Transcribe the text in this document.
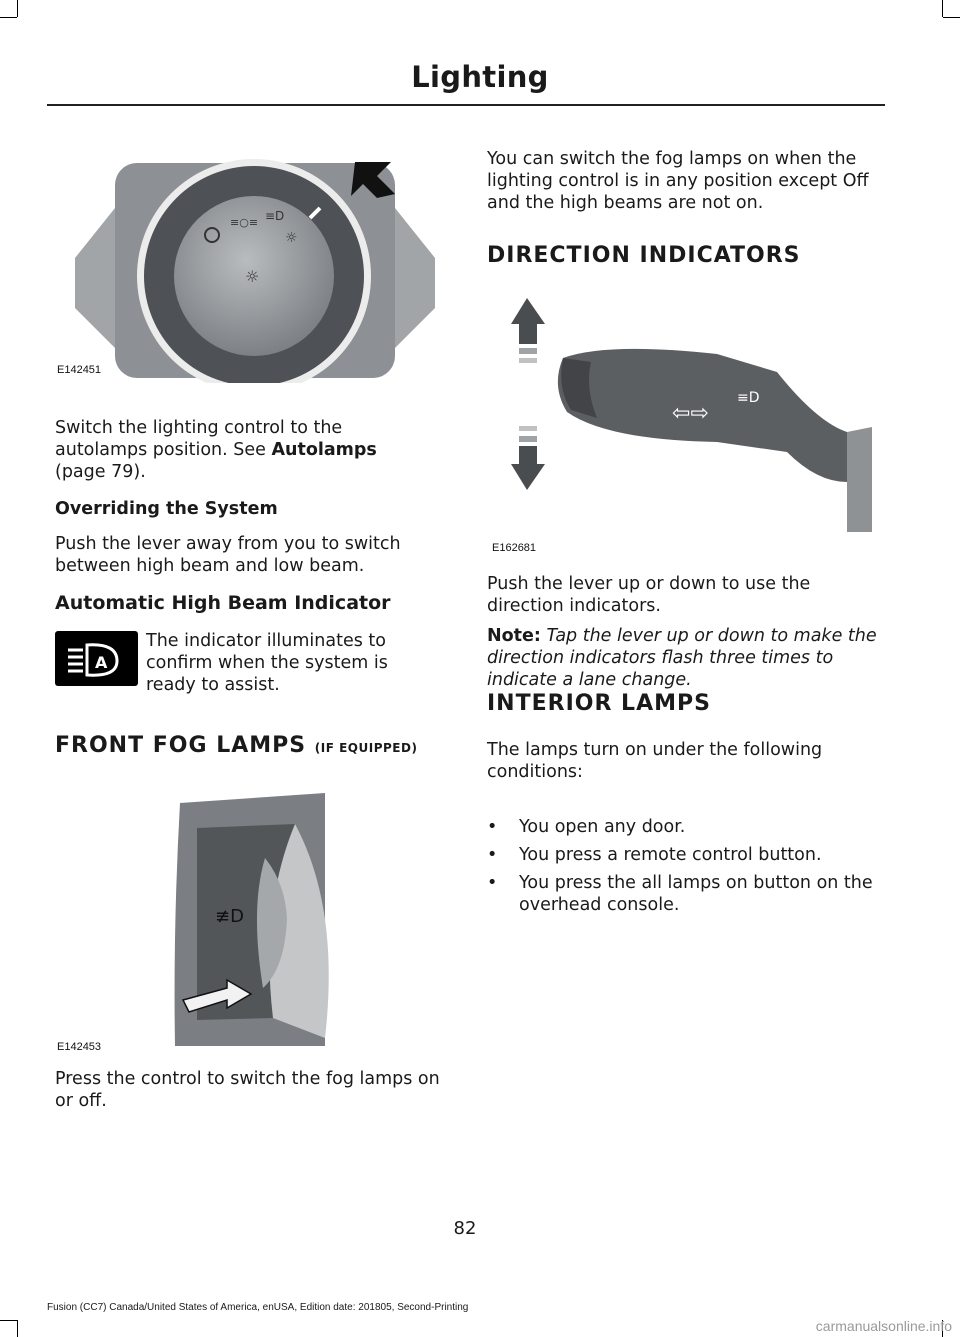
Lighting
≡○≡ ≡D
☼
☼
E142451
Switch the lighting control to the autolamps position. See Autolamps
(page 79).
Overriding the System
Push the lever away from you to switch between high beam and low beam.
Automatic High Beam Indicator
A
The indicator illuminates to confirm when the system is ready to assist.
FRONT FOG LAMPS (IF EQUIPPED)
≢D
E142453
Press the control to switch the fog lamps on or off.
You can switch the fog lamps on when the lighting control is in any position except Off and the high beams are not on.
DIRECTION INDICATORS
⇦⇨
≡D
E162681
Push the lever up or down to use the direction indicators.
Note: Tap the lever up or down to make the direction indicators flash three times to indicate a lane change.
INTERIOR LAMPS
The lamps turn on under the following conditions:
• You open any door.
• You press a remote control button.
• You press the all lamps on button on the overhead console.
82
Fusion (CC7) Canada/United States of America, enUSA, Edition date: 201805, Second-Printing
carmanualsonline.info
